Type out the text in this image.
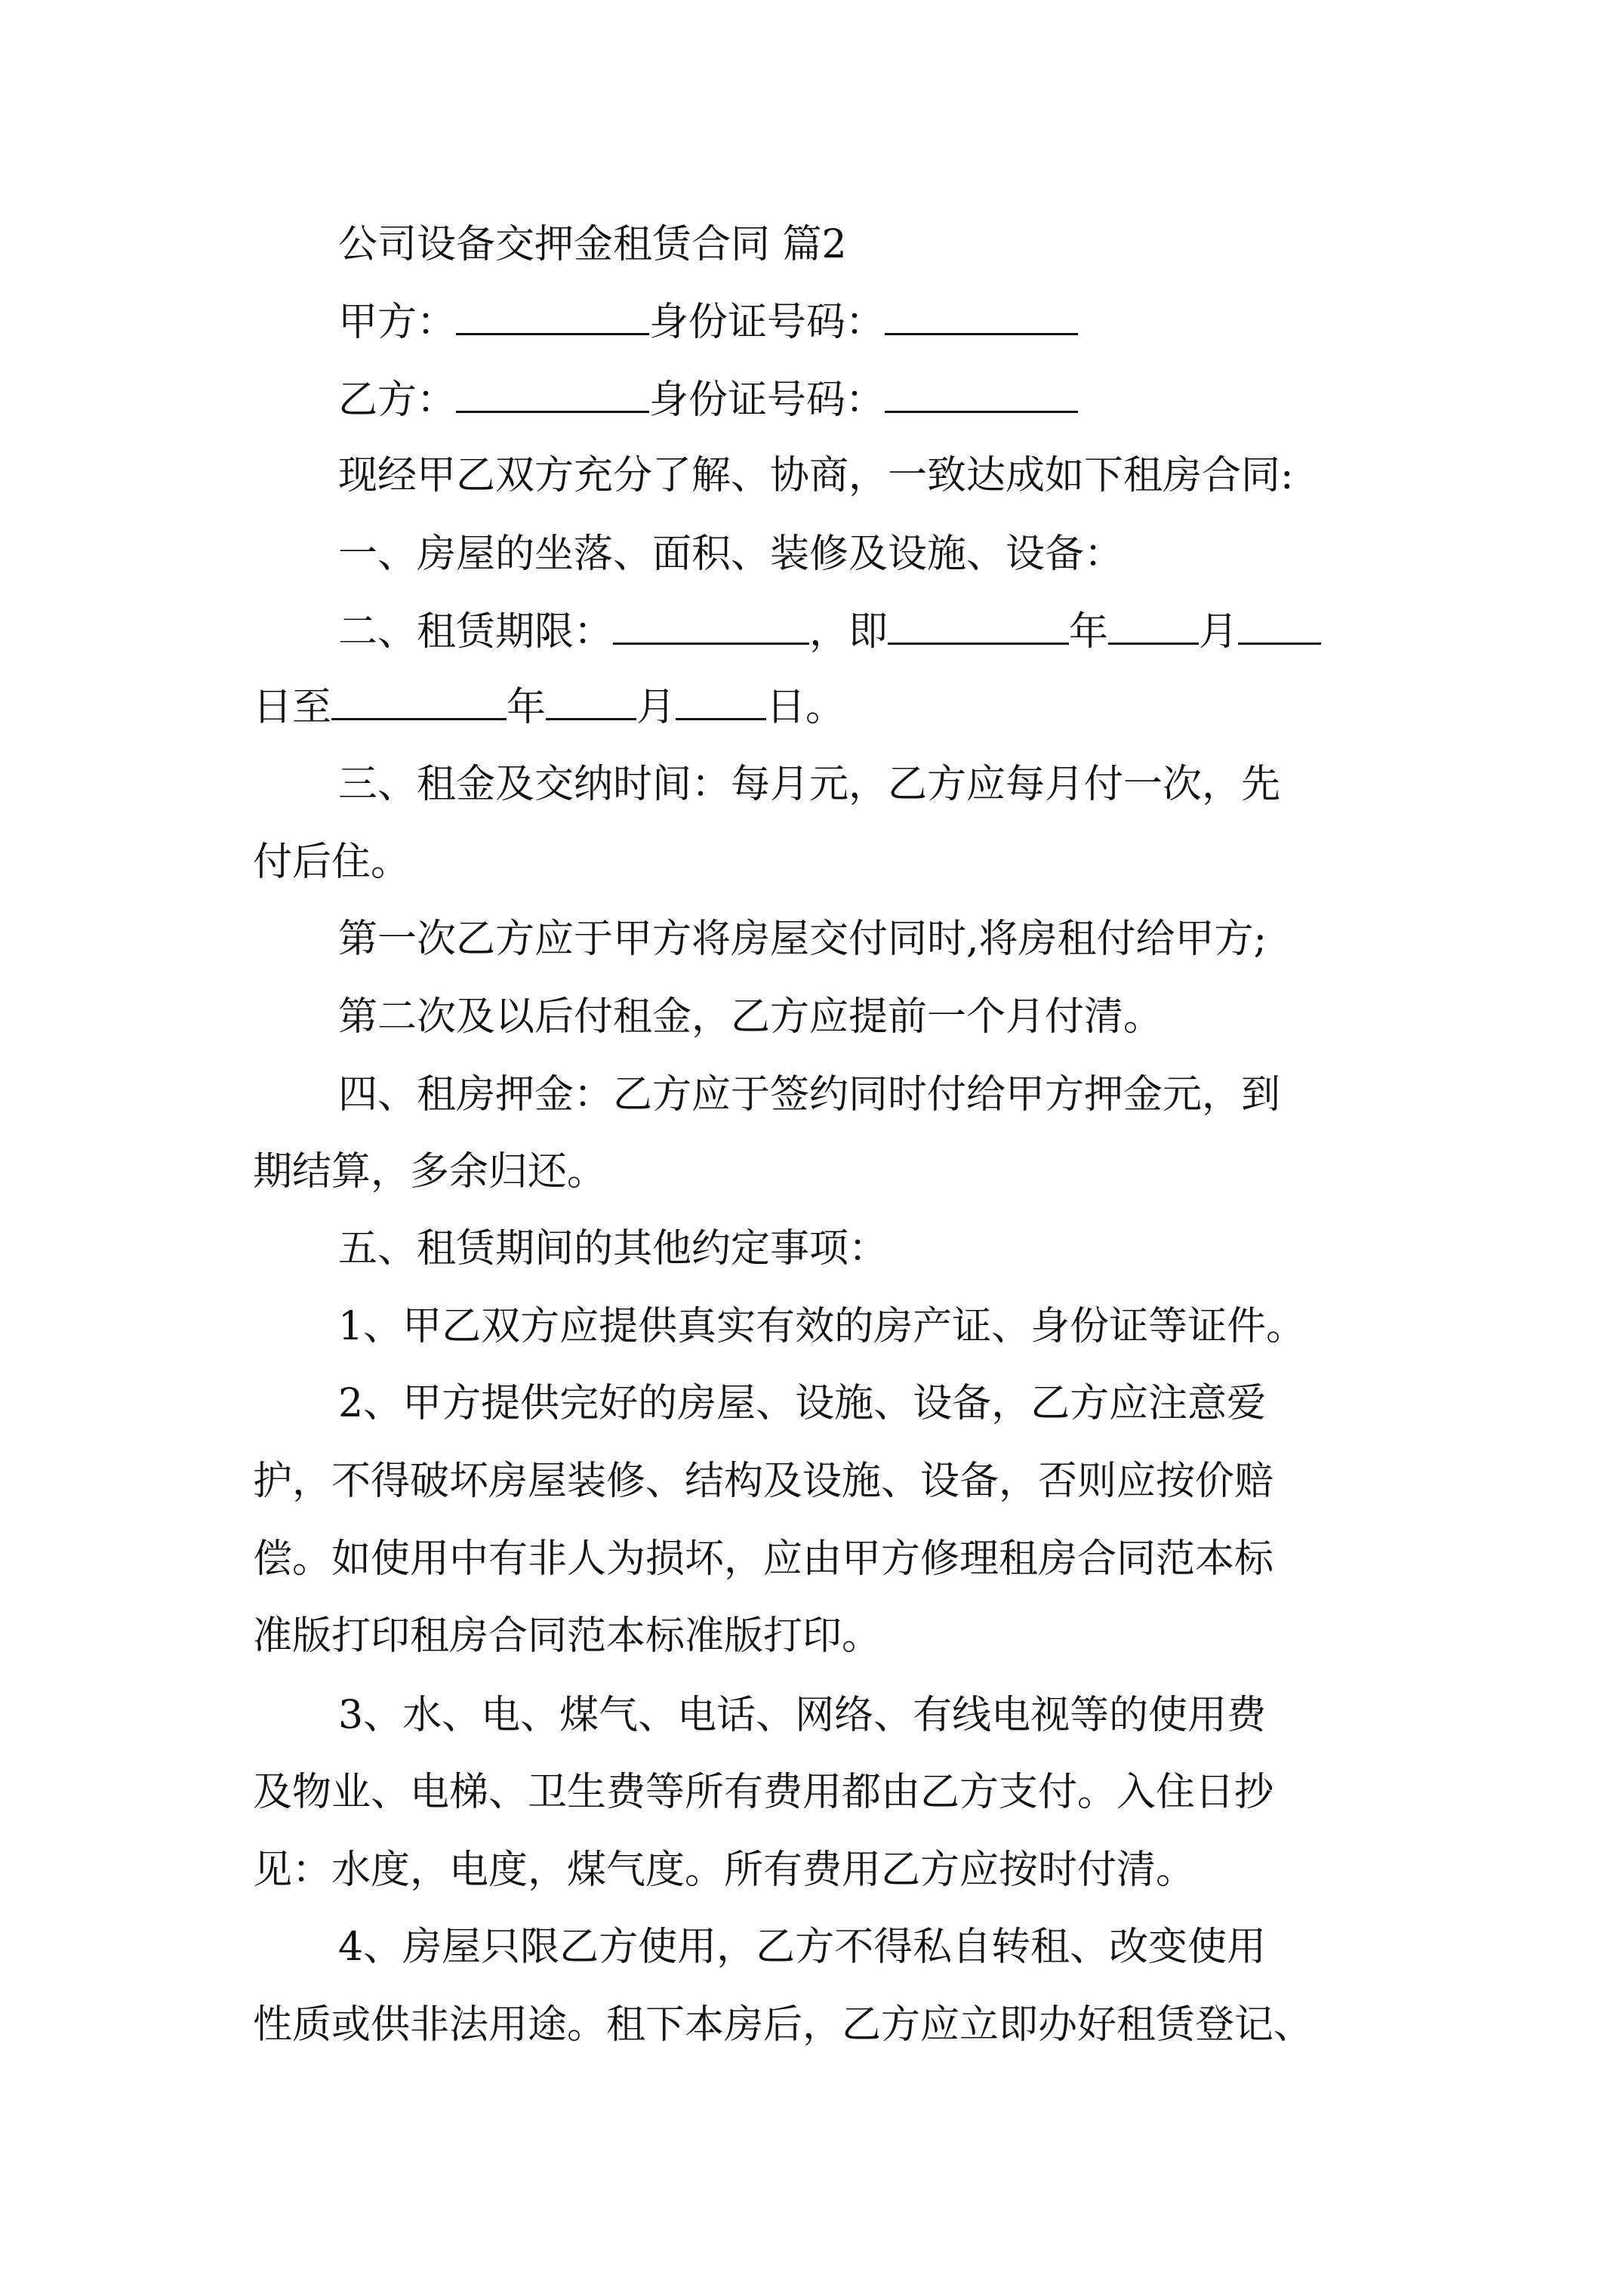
公司设备交押金租赁合同 篇2
甲方：	身份证号码：
乙方：	身份证号码：
现经甲乙双方充分了解、协商，一致达成如下租房合同:
一、房屋的坐落、面积、装修及设施、设备：
二、租赁期限：	，即	年 月
日至	年 月 日。
三、租金及交纳时间：每月元，乙方应每月付一次，先
付后住。
第一次乙方应于甲方将房屋交付同时,将房租付给甲方;
第二次及以后付租金，乙方应提前一个月付清。
四、租房押金：乙方应于签约同时付给甲方押金元，到
期结算，多余归还。
五、租赁期间的其他约定事项：
1、甲乙双方应提供真实有效的房产证、身份证等证件。
2、甲方提供完好的房屋、设施、设备，乙方应注意爱
护，不得破坏房屋装修、结构及设施、设备，否则应按价赔
偿。如使用中有非人为损坏，应由甲方修理租房合同范本标
准版打印租房合同范本标准版打印。
3、水、电、煤气、电话、网络、有线电视等的使用费
及物业、电梯、卫生费等所有费用都由乙方支付。入住日抄
见：水度，电度，煤气度。所有费用乙方应按时付清。
4、房屋只限乙方使用，乙方不得私自转租、改变使用
性质或供非法用途。租下本房后，乙方应立即办好租赁登记、
